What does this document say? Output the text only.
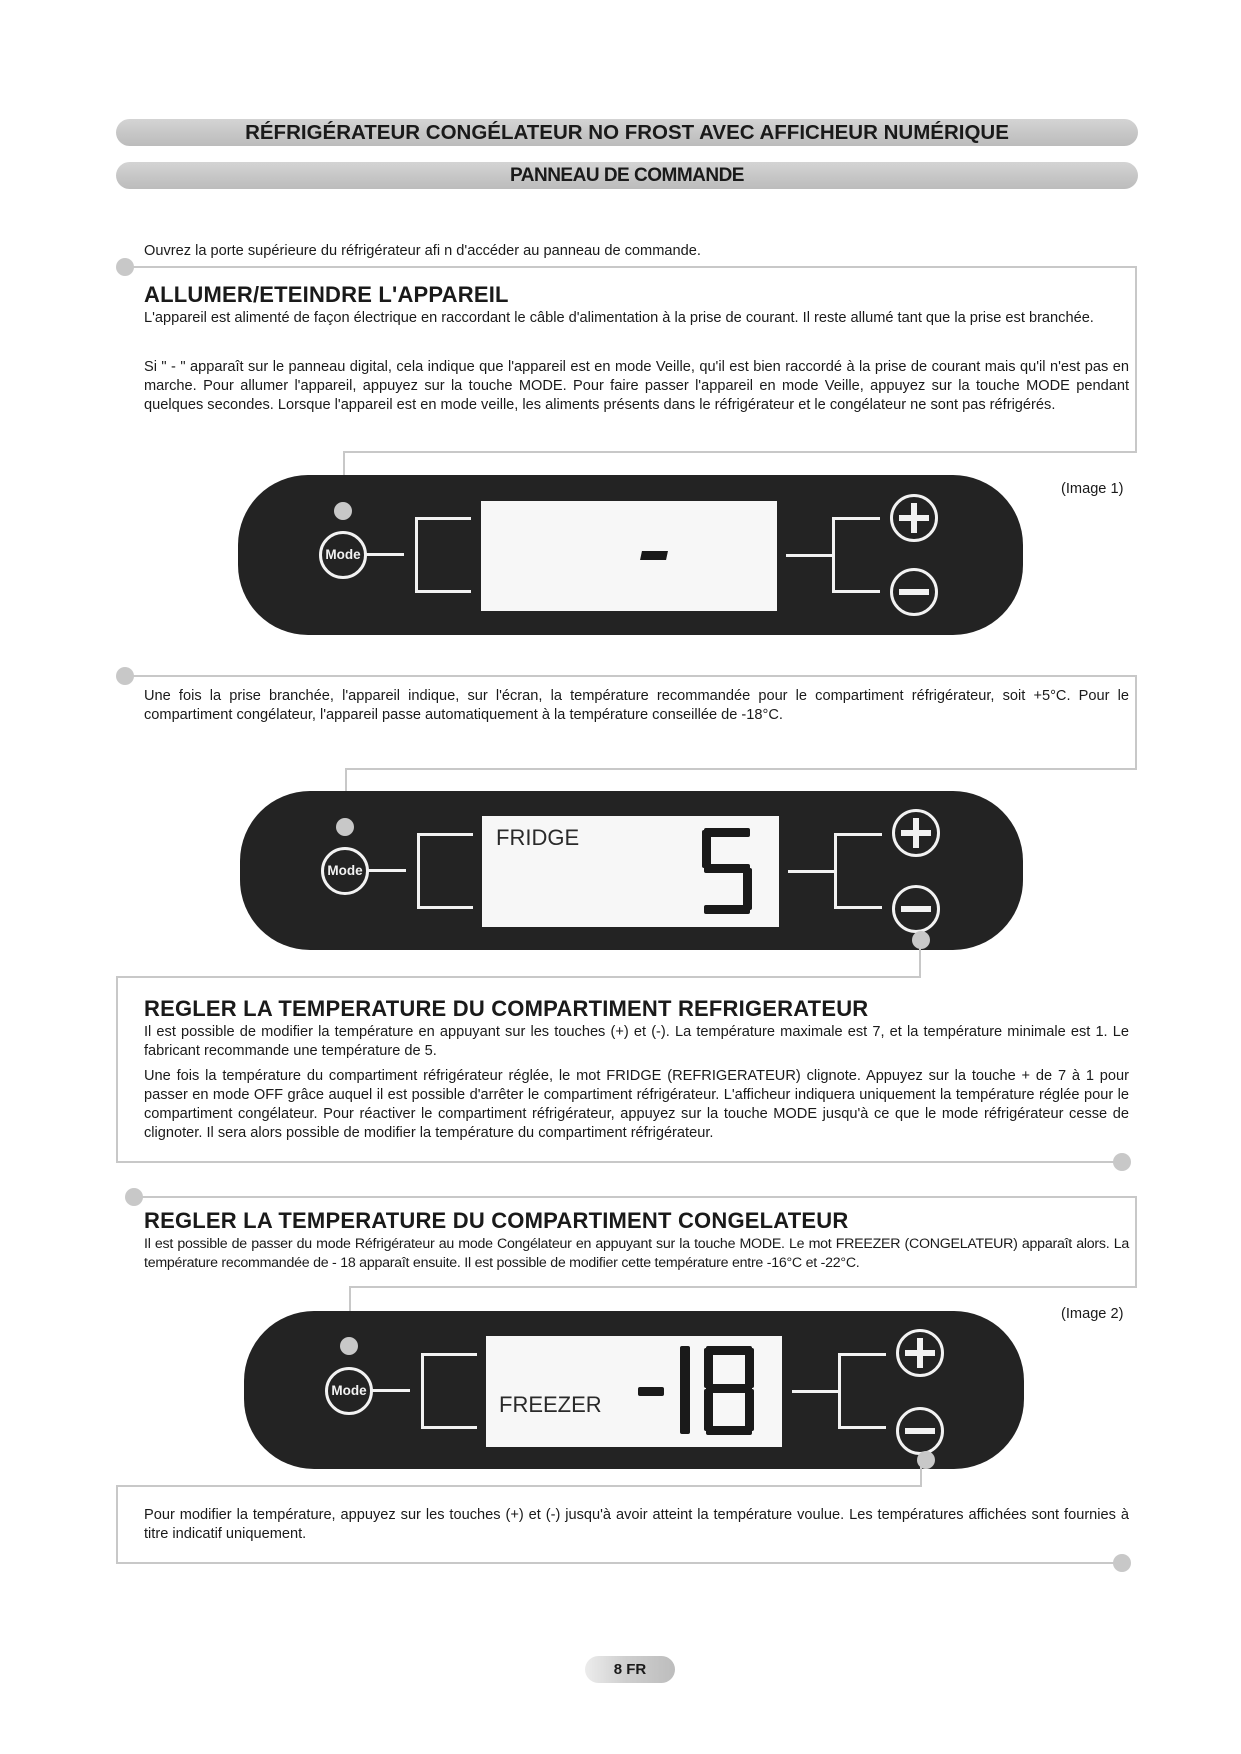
RÉFRIGÉRATEUR CONGÉLATEUR NO FROST AVEC AFFICHEUR NUMÉRIQUE
PANNEAU DE COMMANDE
Ouvrez la porte supérieure du réfrigérateur afi n d'accéder au panneau de commande.
ALLUMER/ETEINDRE L'APPAREIL
L'appareil est alimenté de façon électrique en raccordant le câble d'alimentation à la prise de courant. Il reste allumé tant que la prise est branchée.
Si " - " apparaît sur le panneau digital, cela indique que l'appareil est en mode Veille, qu'il est bien raccordé à la prise de courant mais qu'il n'est pas en marche. Pour allumer l'appareil, appuyez sur la touche MODE. Pour faire passer l'appareil en mode Veille, appuyez sur la touche MODE pendant quelques secondes. Lorsque l'appareil est en mode veille, les aliments présents dans le réfrigérateur et le congélateur ne sont pas réfrigérés.
(Image 1)
Mode
Une fois la prise branchée, l'appareil indique, sur l'écran, la température recommandée pour le compartiment réfrigérateur, soit +5°C. Pour le compartiment congélateur, l'appareil passe automatiquement à la température conseillée de -18°C.
Mode
FRIDGE
REGLER LA TEMPERATURE DU COMPARTIMENT REFRIGERATEUR
Il est possible de modifier la température en appuyant sur les touches (+) et (-). La température maximale est 7, et la température minimale est 1. Le fabricant recommande une température de 5.
Une fois la température du compartiment réfrigérateur réglée, le mot FRIDGE (REFRIGERATEUR) clignote. Appuyez sur la touche + de 7 à 1 pour passer en mode OFF grâce auquel il est possible d'arrêter le compartiment réfrigérateur. L'afficheur indiquera uniquement la température réglée pour le compartiment congélateur. Pour réactiver le compartiment réfrigérateur, appuyez sur la touche MODE jusqu'à ce que le mode réfrigérateur cesse de clignoter. Il sera alors possible de modifier la température du compartiment réfrigérateur.
REGLER LA TEMPERATURE DU COMPARTIMENT CONGELATEUR
Il est possible de passer du mode Réfrigérateur au mode Congélateur en appuyant sur la touche MODE. Le mot FREEZER (CONGELATEUR) apparaît alors. La température recommandée de - 18 apparaît ensuite. Il est possible de modifier cette température entre -16°C et -22°C.
(Image 2)
Mode
FREEZER
Pour modifier la température, appuyez sur les touches (+) et (-) jusqu'à avoir atteint la température voulue. Les températures affichées sont fournies à titre indicatif uniquement.
8 FR
